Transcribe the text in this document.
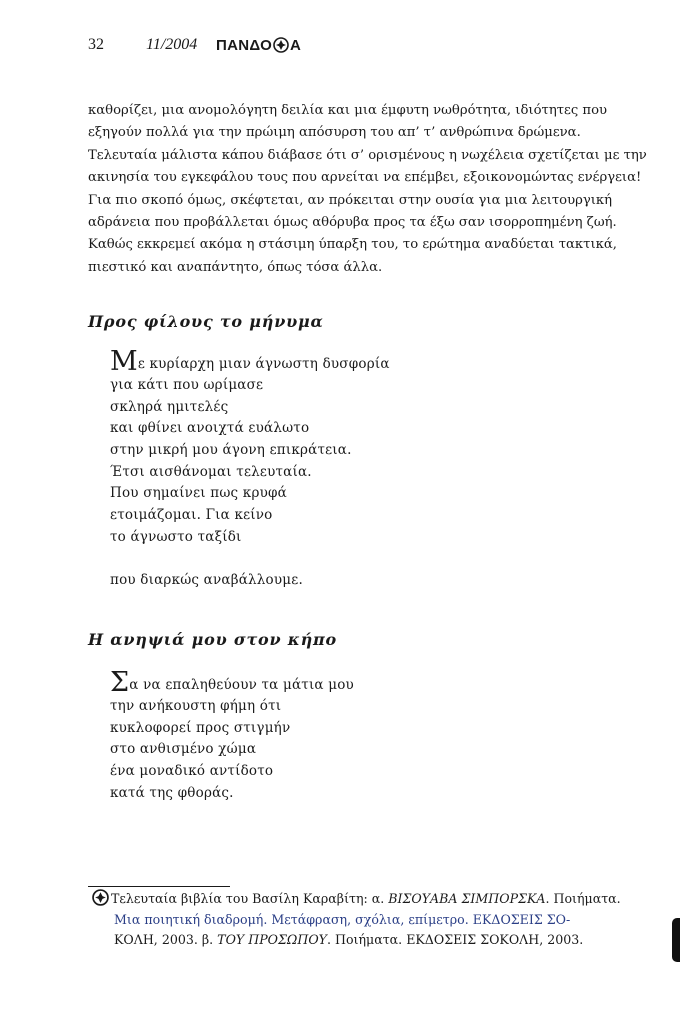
32	11/2004	ΠΑΝΔΟ Α

καθορίζει, μια ανομολόγητη δειλία και μια έμφυτη νωθρότητα, ιδιότητες που

εξηγούν πολλά για την πρώιμη απόσυρση του απ’ τ’ ανθρώπινα δρώμενα.

Τελευταία μάλιστα κάπου διάβασε ότι σ’ ορισμένους η νωχέλεια σχετίζεται με την

ακινησία του εγκεφάλου τους που αρνείται να επέμβει, εξοικονομώντας ενέργεια!

Για πιο σκοπό όμως, σκέφτεται, αν πρόκειται στην ουσία για μια λειτουργική

αδράνεια που προβάλλεται όμως αθόρυβα προς τα έξω σαν ισορροπημένη ζωή.

Καθώς εκκρεμεί ακόμα η στάσιμη ύπαρξη του, το ερώτημα αναδύεται τακτικά,

πιεστικό και αναπάντητο, όπως τόσα άλλα.

Προς φίλους το μήνυμα
Με κυρίαρχη μιαν άγνωστη δυσφορία
για κάτι που ωρίμασε
σκληρά ημιτελές
και φθίνει ανοιχτά ευάλωτο
στην μικρή μου άγονη επικράτεια.
Έτσι αισθάνομαι τελευταία.
Που σημαίνει πως κρυφά
ετοιμάζομαι. Για κείνο
το άγνωστο ταξίδι
που διαρκώς αναβάλλουμε.
Η ανηψιά μου στον κήπο
Σα να επαληθεύουν τα μάτια μου
την ανήκουστη φήμη ότι
κυκλοφορεί προς στιγμήν
στο ανθισμένο χώμα
ένα μοναδικό αντίδοτο
κατά της φθοράς.
Τελευταία βιβλία του Βασίλη Καραβίτη: α. ΒΙΣΟΥΑΒΑ ΣΙΜΠΟΡΣΚΑ. Ποιήματα.
Μια ποιητική διαδρομή. Μετάφραση, σχόλια, επίμετρο. ΕΚΔΟΣΕΙΣ ΣΟ-
ΚΟΛΗ, 2003. β. ΤΟΥ ΠΡΟΣΩΠΟΥ. Ποιήματα. ΕΚΔΟΣΕΙΣ ΣΟΚΟΛΗ, 2003.
